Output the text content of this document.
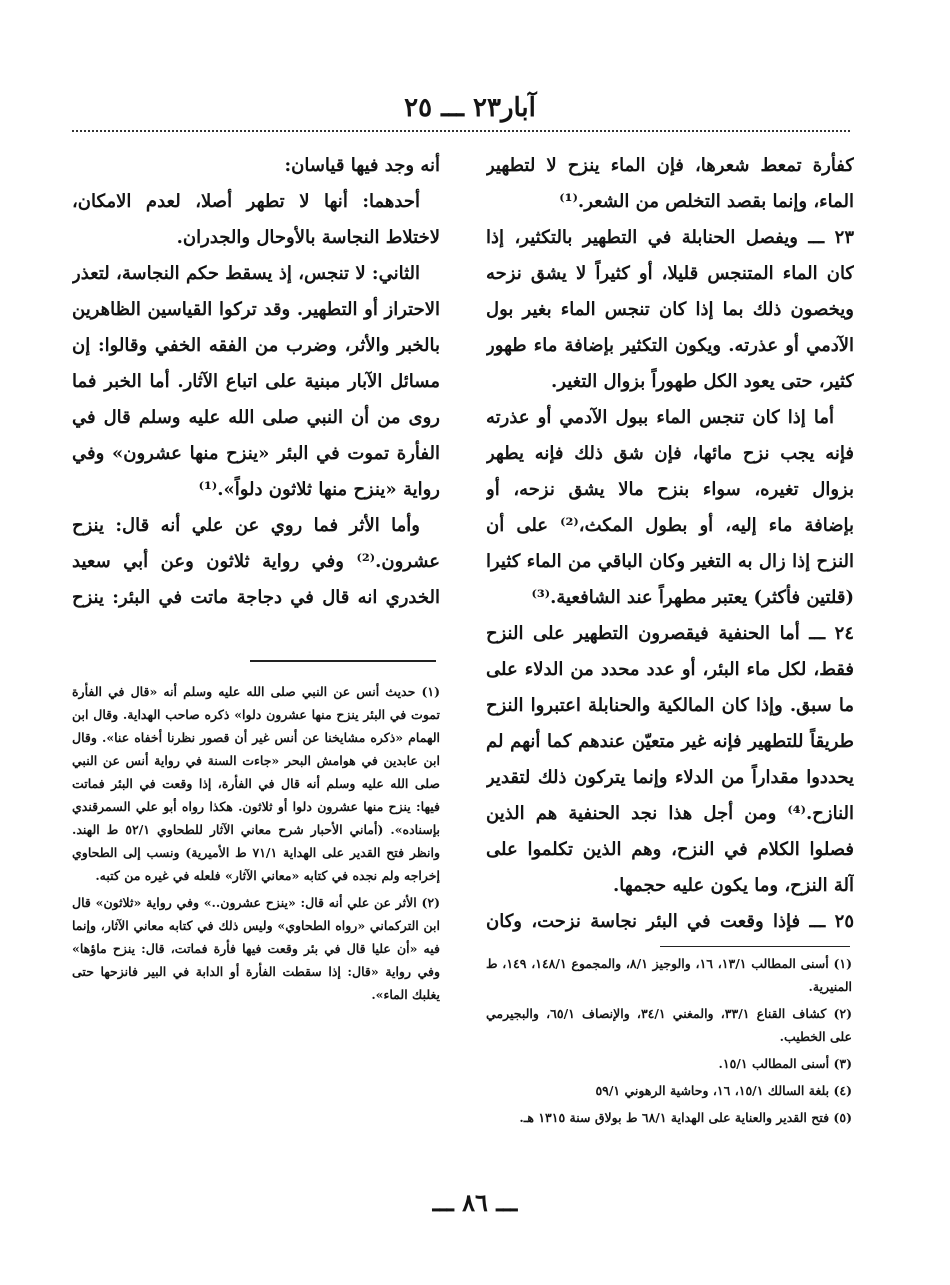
آبار٢٣ ـــ ٢٥

كفأرة تمعط شعرها، فإن الماء ينزح لا لتطهير الماء، وإنما بقصد التخلص من الشعر.⁽¹⁾

٢٣ ـــ ويفصل الحنابلة في التطهير بالتكثير، إذا كان الماء المتنجس قليلا، أو كثيراً لا يشق نزحه ويخصون ذلك بما إذا كان تنجس الماء بغير بول الآدمي أو عذرته. ويكون التكثير بإضافة ماء طهور كثير، حتى يعود الكل طهوراً بزوال التغير.

أما إذا كان تنجس الماء ببول الآدمي أو عذرته فإنه يجب نزح مائها، فإن شق ذلك فإنه يطهر بزوال تغيره، سواء بنزح مالا يشق نزحه، أو بإضافة ماء إليه، أو بطول المكث،⁽²⁾ على أن النزح إذا زال به التغير وكان الباقي من الماء كثيرا (قلتين فأكثر) يعتبر مطهراً عند الشافعية.⁽³⁾

٢٤ ـــ أما الحنفية فيقصرون التطهير على النزح فقط، لكل ماء البئر، أو عدد محدد من الدلاء على ما سبق. وإذا كان المالكية والحنابلة اعتبروا النزح طريقاً للتطهير فإنه غير متعيّن عندهم كما أنهم لم يحددوا مقداراً من الدلاء وإنما يتركون ذلك لتقدير النازح.⁽⁴⁾ ومن أجل هذا نجد الحنفية هم الذين فصلوا الكلام في النزح، وهم الذين تكلموا على آلة النزح، وما يكون عليه حجمها.

٢٥ ـــ فإذا وقعت في البئر نجاسة نزحت، وكان

أنه وجد فيها قياسان:

أحدهما: أنها لا تطهر أصلا، لعدم الامكان، لاختلاط النجاسة بالأوحال والجدران.

الثاني: لا تنجس، إذ يسقط حكم النجاسة، لتعذر الاحتراز أو التطهير. وقد تركوا القياسين الظاهرين بالخبر والأثر، وضرب من الفقه الخفي وقالوا: إن مسائل الآبار مبنية على اتباع الآثار. أما الخبر فما روى من أن النبي صلى الله عليه وسلم قال في الفأرة تموت في البئر «ينزح منها عشرون» وفي رواية «ينزح منها ثلاثون دلواً».⁽¹⁾

وأما الأثر فما روي عن علي أنه قال: ينزح عشرون.⁽²⁾ وفي رواية ثلاثون وعن أبي سعيد الخدري انه قال في دجاجة ماتت في البئر: ينزح

(١) حديث أنس عن النبي صلى الله عليه وسلم أنه «قال في الفأرة تموت في البئر ينزح منها عشرون دلوا» ذكره صاحب الهداية. وقال ابن الهمام «ذكره مشايخنا عن أنس غير أن قصور نظرنا أخفاه عنا». وقال ابن عابدين في هوامش البحر «جاءت السنة في رواية أنس عن النبي صلى الله عليه وسلم أنه قال في الفأرة، إذا وقعت في البئر فماتت فيها: ينزح منها عشرون دلوا أو ثلاثون. هكذا رواه أبو علي السمرقندي بإسناده». (أماني الأحبار شرح معاني الآثار للطحاوي ٥٢/١ ط الهند. وانظر فتح القدير على الهداية ٧١/١ ط الأميرية) ونسب إلى الطحاوي إخراجه ولم نجده في كتابه «معاني الآثار» فلعله في غيره من كتبه.

(٢) الأثر عن علي أنه قال: «ينزح عشرون..» وفي رواية «ثلاثون» قال ابن التركماني «رواه الطحاوي» وليس ذلك في كتابه معاني الآثار، وإنما فيه «أن عليا قال في بئر وقعت فيها فأرة فماتت، قال: ينزح ماؤها» وفي رواية «قال: إذا سقطت الفأرة أو الدابة في البير فانزحها حتى يغلبك الماء».

(١) أسنى المطالب ١٣/١، ١٦، والوجيز ٨/١، والمجموع ١٤٨/١، ١٤٩، ط المنيرية.

(٢) كشاف القناع ٣٣/١، والمغني ٣٤/١، والإنصاف ٦٥/١، والبجيرمي على الخطيب.

(٣) أسنى المطالب ١٥/١.

(٤) بلغة السالك ١٥/١، ١٦، وحاشية الرهوني ٥٩/١

(٥) فتح القدير والعناية على الهداية ٦٨/١ ط بولاق سنة ١٣١٥ هـ.

ـــ ٨٦ ـــ
